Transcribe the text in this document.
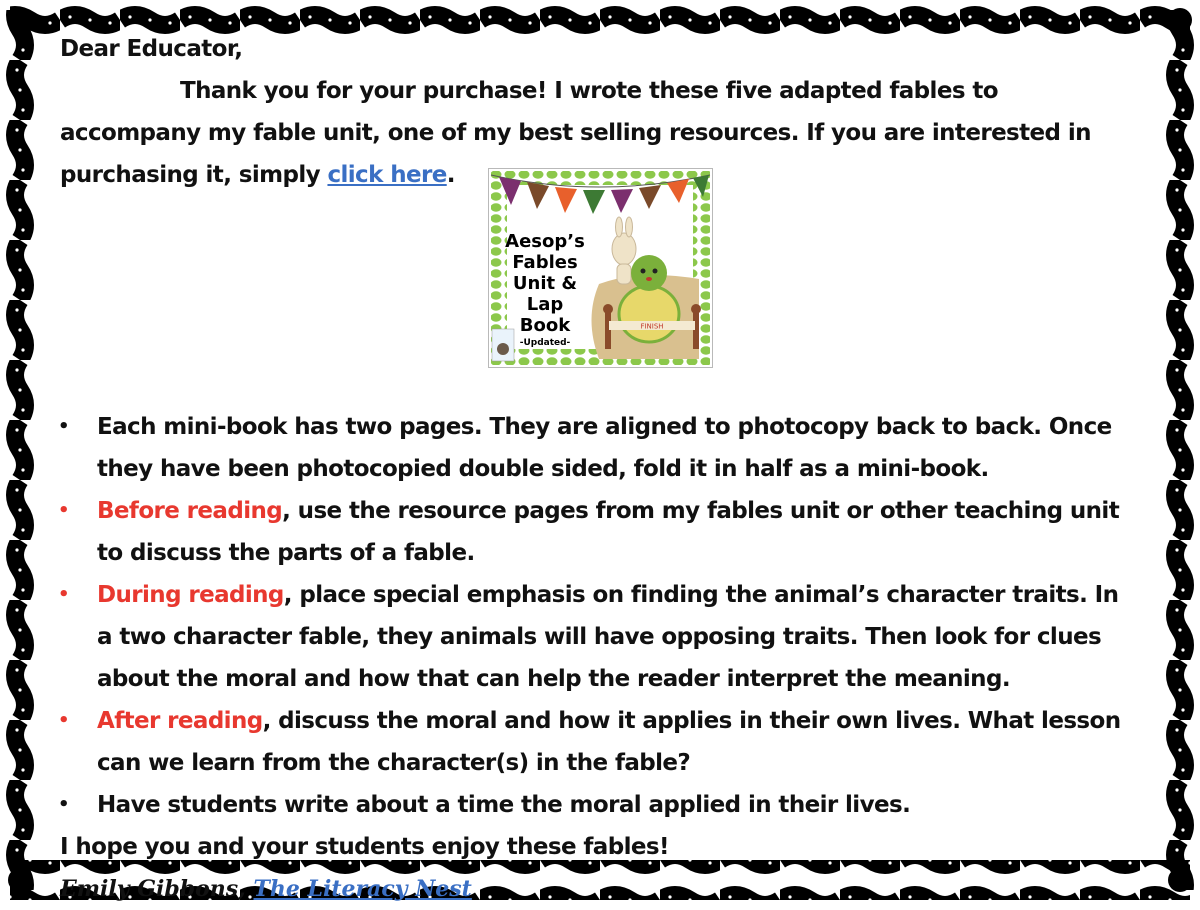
Dear Educator,
Thank you for your purchase! I wrote these five adapted fables to
accompany my fable unit, one of my best selling resources. If you are interested in
purchasing it, simply click here.
• Each mini-book has two pages. They are aligned to photocopy back to back. Once
they have been photocopied double sided, fold it in half as a mini-book.
• Before reading, use the resource pages from my fables unit or other teaching unit
to discuss the parts of a fable.
• During reading, place special emphasis on finding the animal’s character traits. In
a two character fable, they animals will have opposing traits. Then look for clues
about the moral and how that can help the reader interpret the meaning.
• After reading, discuss the moral and how it applies in their own lives. What lesson
can we learn from the character(s) in the fable?
• Have students write about a time the moral applied in their lives.
I hope you and your students enjoy these fables!
Emily Gibbons, The Literacy Nest
FINISH
Aesop’s
Fables
Unit &
Lap
Book
-Updated-
